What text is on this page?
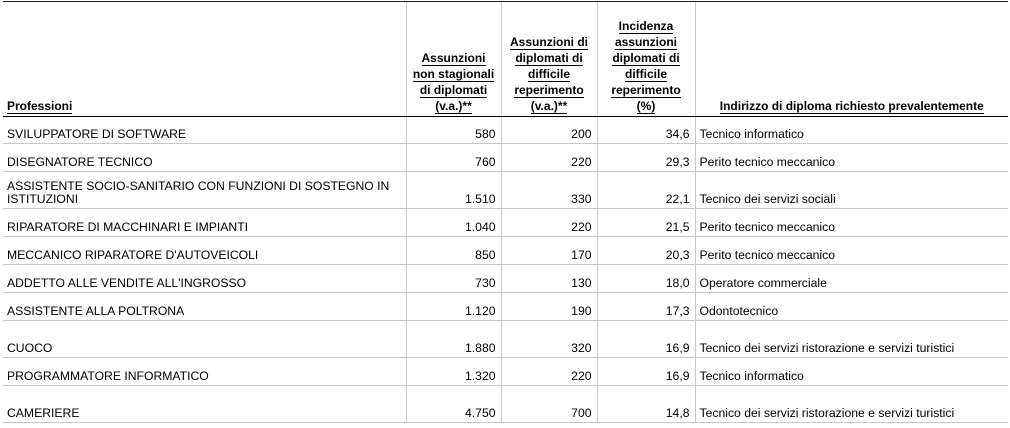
Professioni	Assunzioni non stagionali di diplomati (v.a.)**	Assunzioni di diplomati di difficile reperimento (v.a.)**	Incidenza assunzioni diplomati di difficile reperimento (%)	Indirizzo di diploma richiesto prevalentemente
SVILUPPATORE DI SOFTWARE	580	200	34,6	Tecnico informatico
DISEGNATORE TECNICO	760	220	29,3	Perito tecnico meccanico
ASSISTENTE SOCIO-SANITARIO CON FUNZIONI DI SOSTEGNO IN ISTITUZIONI	1.510	330	22,1	Tecnico dei servizi sociali
RIPARATORE DI MACCHINARI E IMPIANTI	1.040	220	21,5	Perito tecnico meccanico
MECCANICO RIPARATORE D'AUTOVEICOLI	850	170	20,3	Perito tecnico meccanico
ADDETTO ALLE VENDITE ALL'INGROSSO	730	130	18,0	Operatore commerciale
ASSISTENTE ALLA POLTRONA	1.120	190	17,3	Odontotecnico
CUOCO	1.880	320	16,9	Tecnico dei servizi ristorazione e servizi turistici
PROGRAMMATORE INFORMATICO	1.320	220	16,9	Tecnico informatico
CAMERIERE	4.750	700	14,8	Tecnico dei servizi ristorazione e servizi turistici
